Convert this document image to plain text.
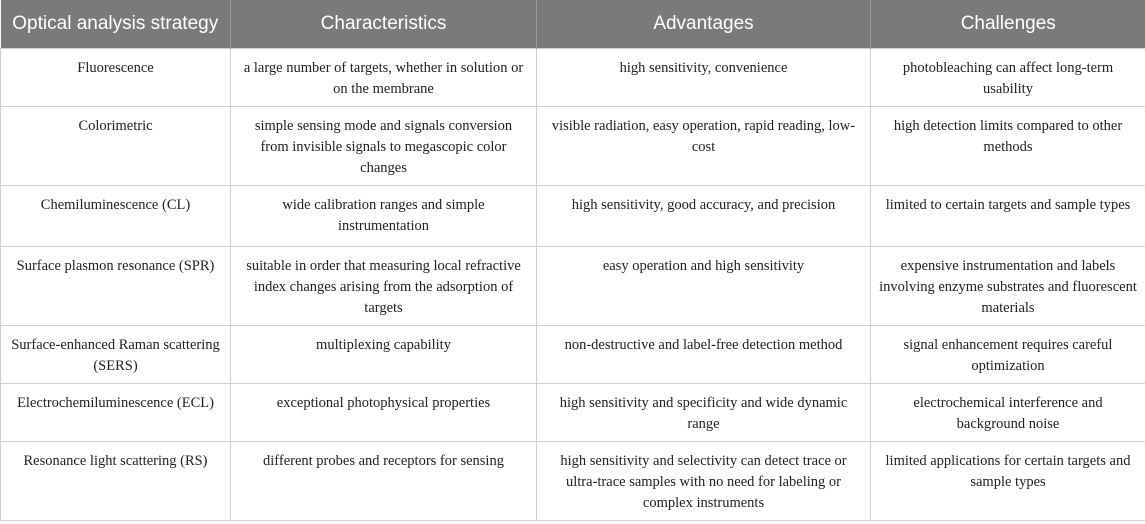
Optical analysis strategy	Characteristics	Advantages	Challenges
Fluorescence	a large number of targets, whether in solution or on the membrane	high sensitivity, convenience	photobleaching can affect long-term usability
Colorimetric	simple sensing mode and signals conversion from invisible signals to megascopic color changes	visible radiation, easy operation, rapid reading, low-cost	high detection limits compared to other methods
Chemiluminescence (CL)	wide calibration ranges and simple instrumentation	high sensitivity, good accuracy, and precision	limited to certain targets and sample types
Surface plasmon resonance (SPR)	suitable in order that measuring local refractive index changes arising from the adsorption of targets	easy operation and high sensitivity	expensive instrumentation and labels involving enzyme substrates and fluorescent materials
Surface-enhanced Raman scattering (SERS)	multiplexing capability	non-destructive and label-free detection method	signal enhancement requires careful optimization
Electrochemiluminescence (ECL)	exceptional photophysical properties	high sensitivity and specificity and wide dynamic range	electrochemical interference and background noise
Resonance light scattering (RS)	different probes and receptors for sensing	high sensitivity and selectivity can detect trace or ultra-trace samples with no need for labeling or complex instruments	limited applications for certain targets and sample types
